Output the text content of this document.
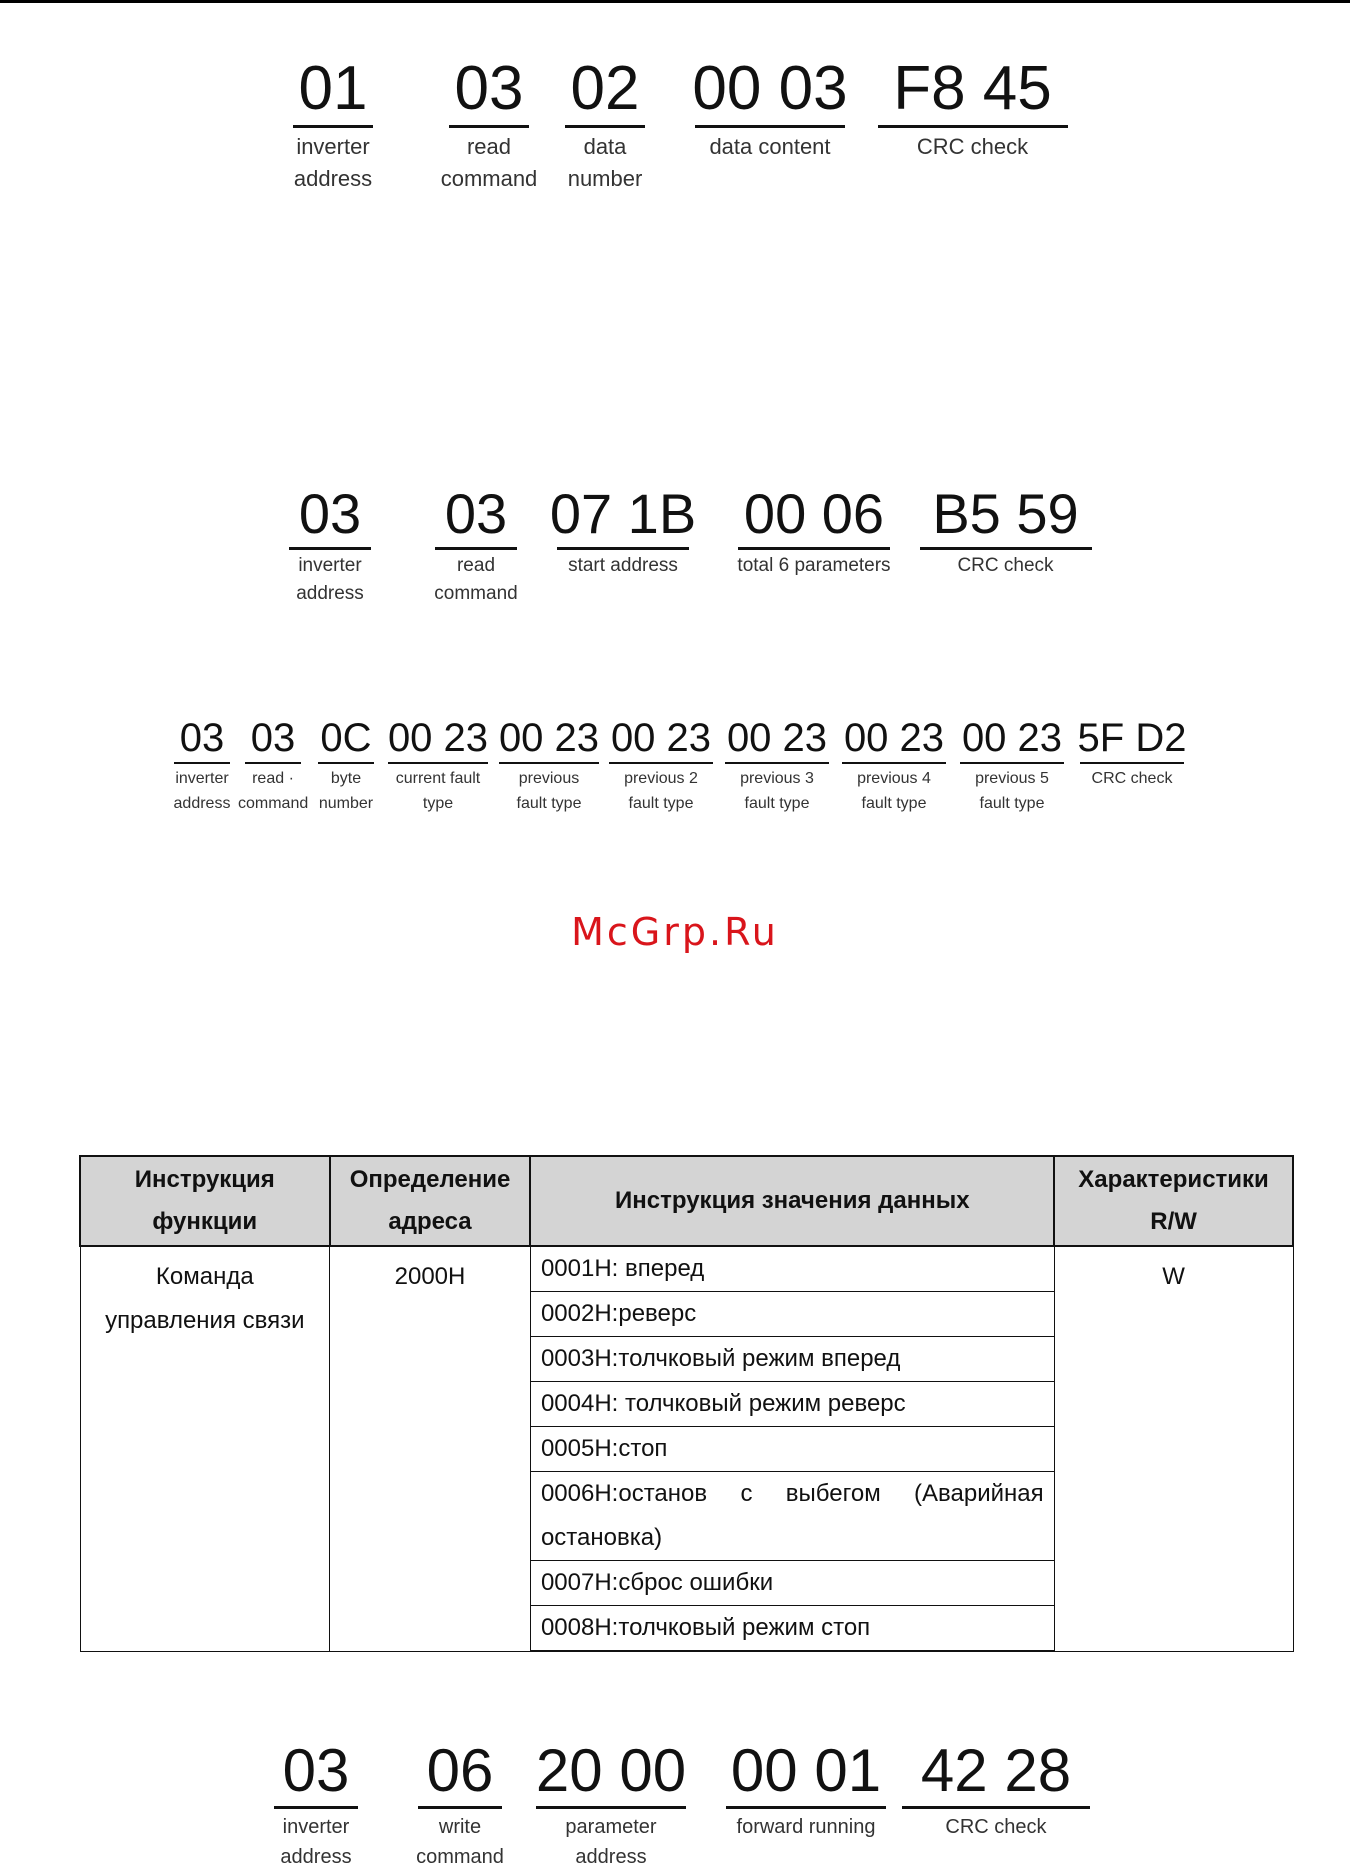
01
inverter
address
03
read
command
02
data
number
00 03
data content
F8 45
CRC check
03
inverter
address
03
read
command
07 1B
start address
00 06
total 6 parameters
B5 59
CRC check
03
inverter
address
03
read ·
command
0C
byte
number
00 23
current fault
type
00 23
previous
fault type
00 23
previous 2
fault type
00 23
previous 3
fault type
00 23
previous 4
fault type
00 23
previous 5
fault type
5F D2
CRC check
McGrp.Ru
Инструкция функции	Определение адреса	Инструкция значения данных	Характеристики R/W
Команда управления связи	2000H	0001H: вперед	W
		0002H:реверс	
		0003H:толчковый режим вперед	
		0004H: толчковый режим реверс	
		0005H:стоп	
		0006H:останов с выбегом (Аварийная остановка)	
		0007H:сброс ошибки	
		0008H:толчковый режим стоп	
03
inverter
address
06
write
command
20 00
parameter
address
00 01
forward running
42 28
CRC check
